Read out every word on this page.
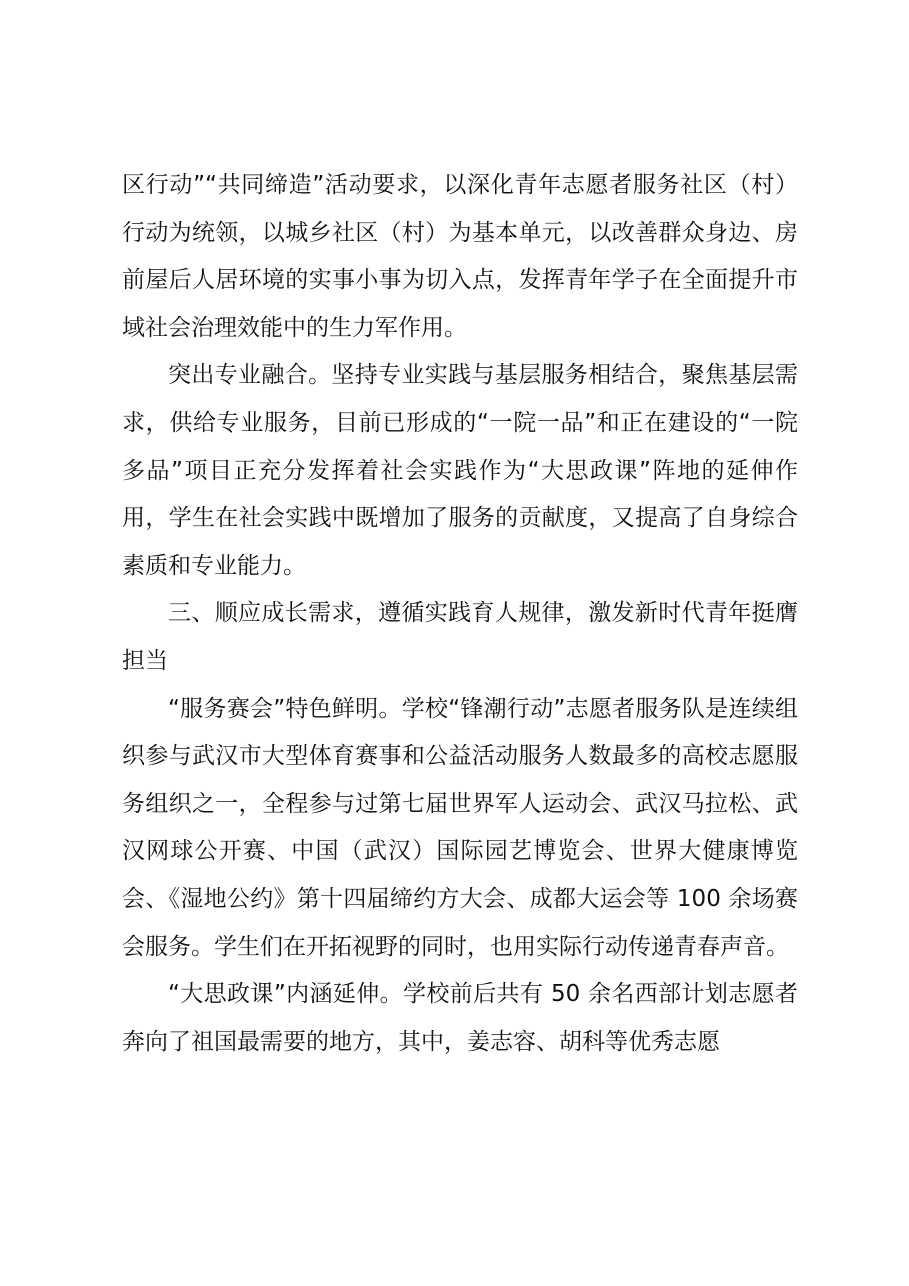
区行动”“共同缔造”活动要求，以深化青年志愿者服务社区（村）行动为统领，以城乡社区（村）为基本单元，以改善群众身边、房前屋后人居环境的实事小事为切入点，发挥青年学子在全面提升市域社会治理效能中的生力军作用。

突出专业融合。坚持专业实践与基层服务相结合，聚焦基层需求，供给专业服务，目前已形成的“一院一品”和正在建设的“一院多品”项目正充分发挥着社会实践作为“大思政课”阵地的延伸作用，学生在社会实践中既增加了服务的贡献度，又提高了自身综合素质和专业能力。

三、顺应成长需求，遵循实践育人规律，激发新时代青年挺膺担当

“服务赛会”特色鲜明。学校“锋潮行动”志愿者服务队是连续组织参与武汉市大型体育赛事和公益活动服务人数最多的高校志愿服务组织之一，全程参与过第七届世界军人运动会、武汉马拉松、武汉网球公开赛、中国（武汉）国际园艺博览会、世界大健康博览会、《湿地公约》第十四届缔约方大会、成都大运会等 100 余场赛会服务。学生们在开拓视野的同时，也用实际行动传递青春声音。

“大思政课”内涵延伸。学校前后共有 50 余名西部计划志愿者奔向了祖国最需要的地方，其中，姜志容、胡科等优秀志愿
